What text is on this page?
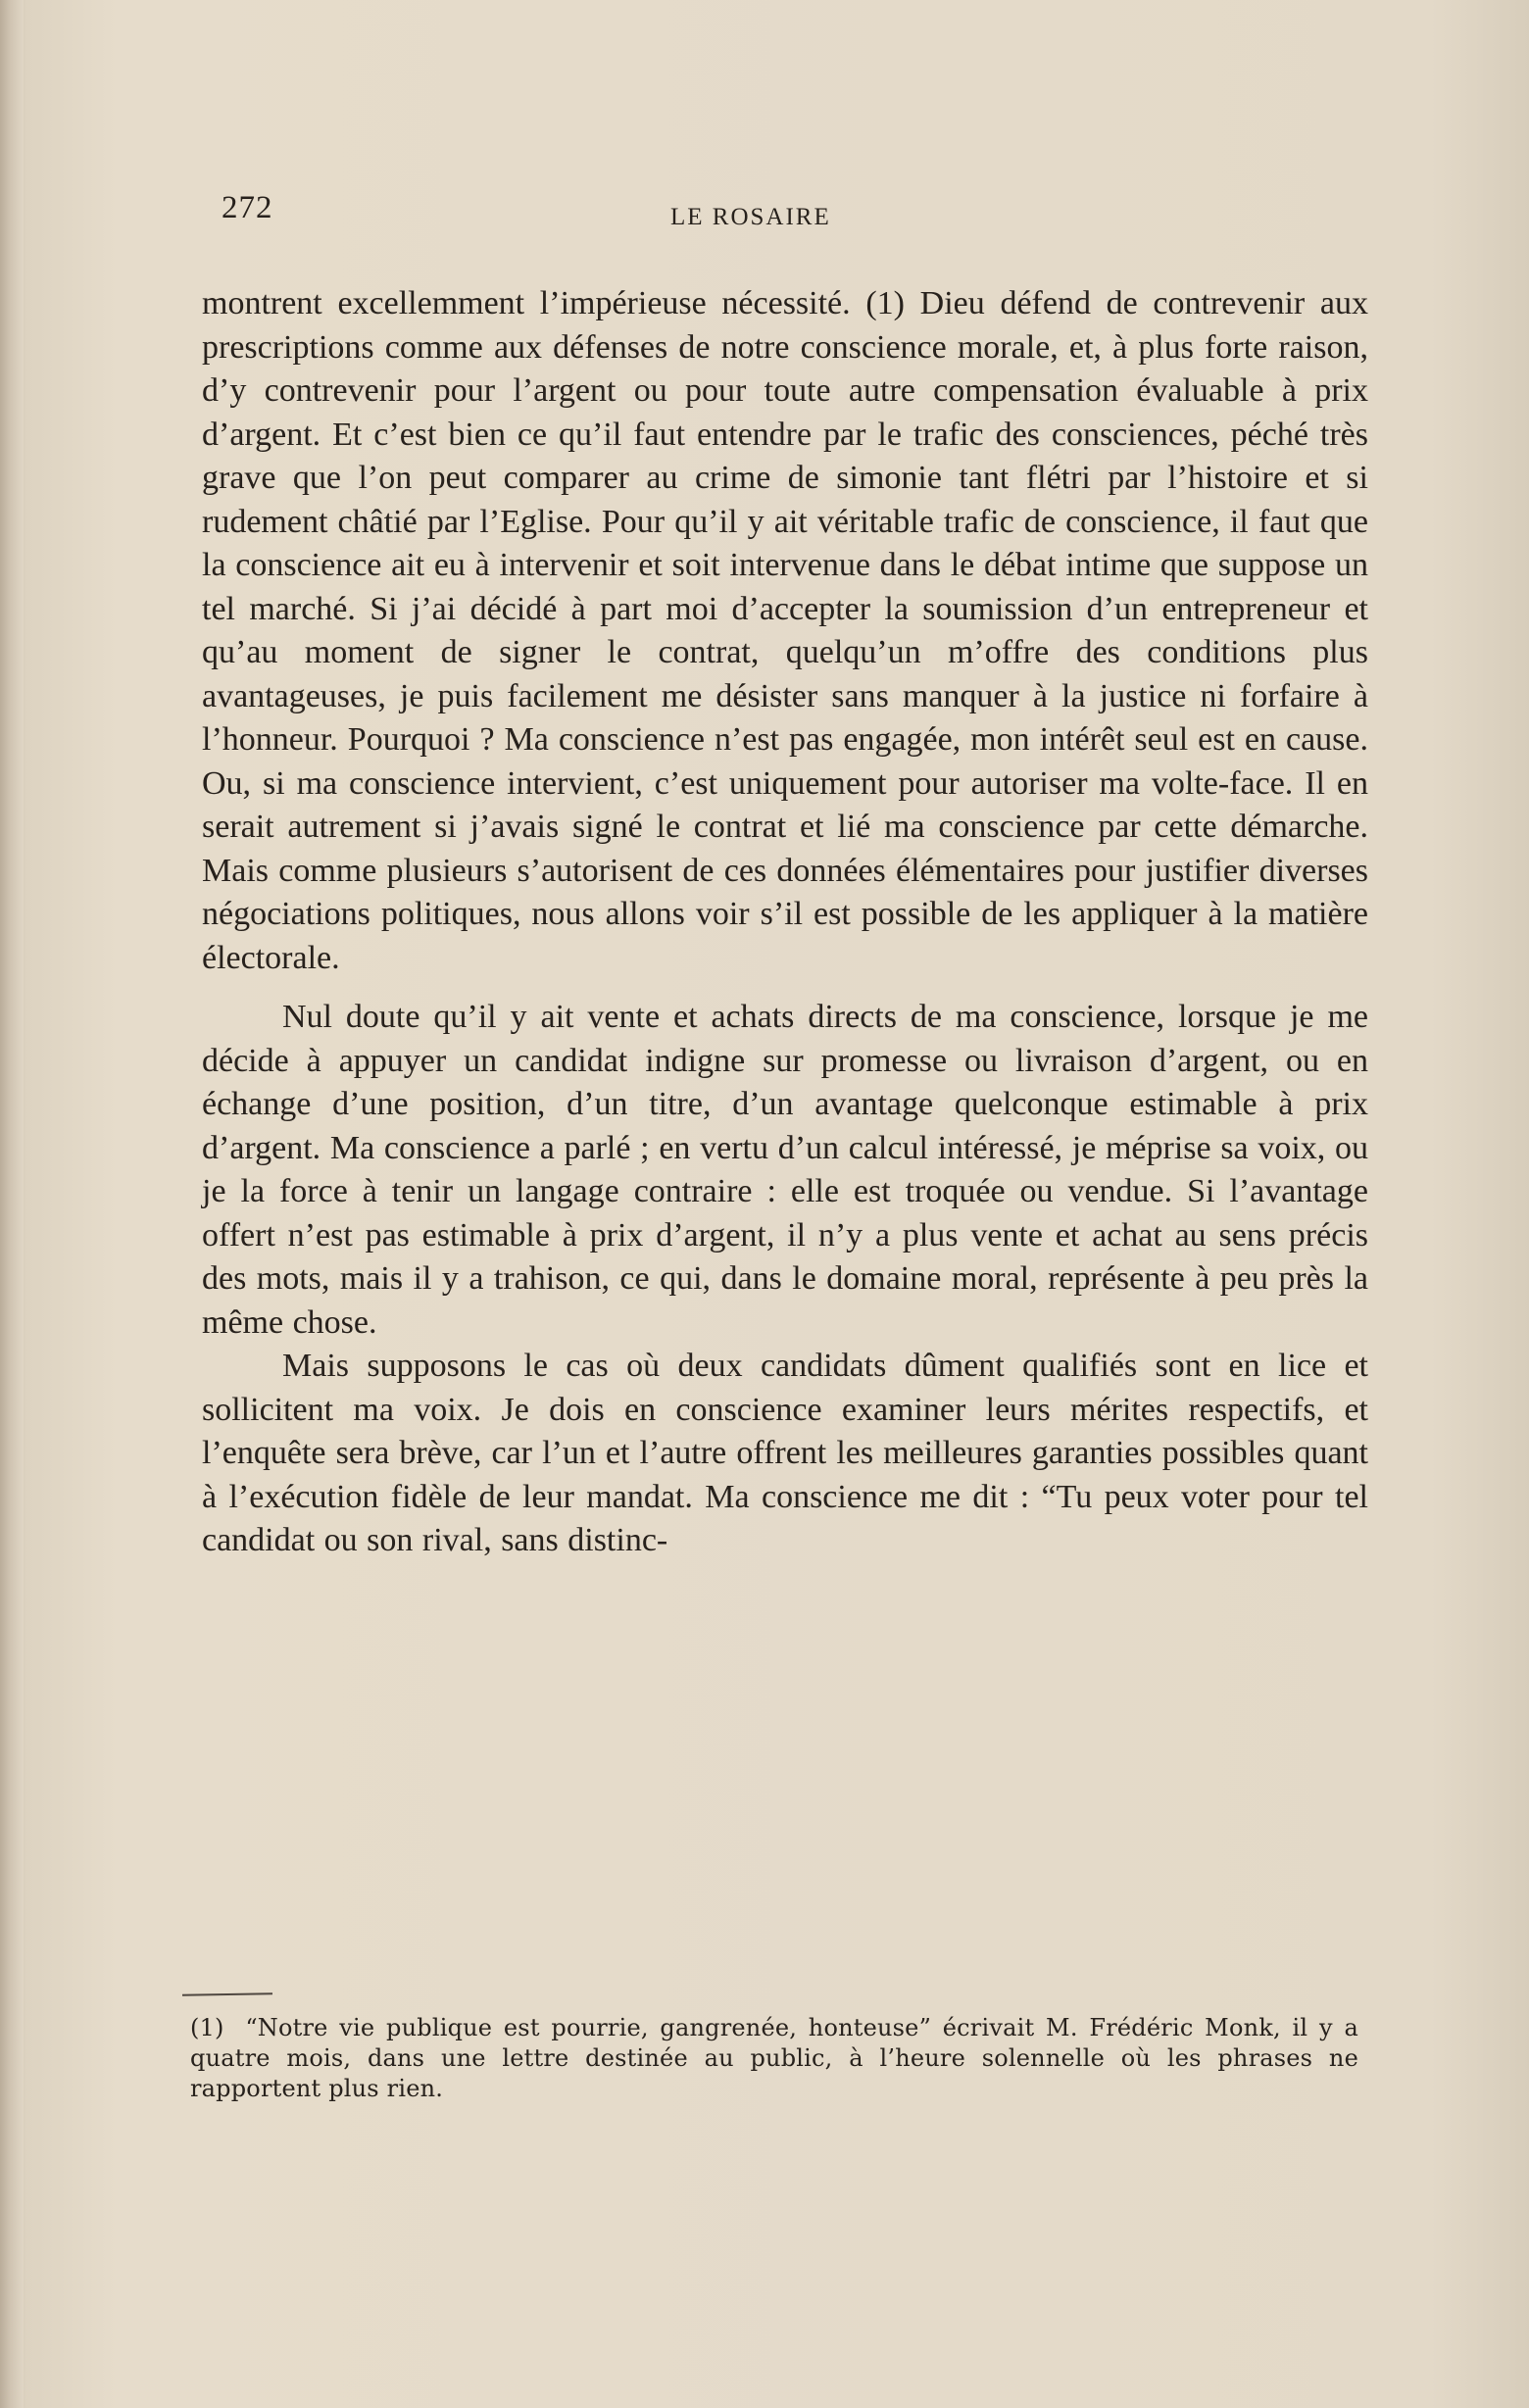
272	LE ROSAIRE

montrent excellemment l’impérieuse nécessité. (1) Dieu défend de contrevenir aux prescriptions comme aux défenses de notre conscience morale, et, à plus forte raison, d’y contrevenir pour l’argent ou pour toute autre compensation évaluable à prix d’argent. Et c’est bien ce qu’il faut entendre par le trafic des consciences, péché très grave que l’on peut comparer au crime de simonie tant flétri par l’histoire et si rudement châtié par l’Eglise. Pour qu’il y ait véritable trafic de conscience, il faut que la conscience ait eu à intervenir et soit intervenue dans le débat intime que suppose un tel marché. Si j’ai décidé à part moi d’accepter la soumission d’un entrepreneur et qu’au moment de signer le contrat, quelqu’un m’offre des conditions plus avantageuses, je puis facilement me désister sans manquer à la justice ni forfaire à l’honneur. Pourquoi ? Ma conscience n’est pas engagée, mon intérêt seul est en cause. Ou, si ma conscience intervient, c’est uniquement pour autoriser ma volte-face. Il en serait autrement si j’avais signé le contrat et lié ma conscience par cette démarche. Mais comme plusieurs s’autorisent de ces données élémentaires pour justifier diverses négociations politiques, nous allons voir s’il est possible de les appliquer à la matière électorale.

Nul doute qu’il y ait vente et achats directs de ma conscience, lorsque je me décide à appuyer un candidat indigne sur promesse ou livraison d’argent, ou en échange d’une position, d’un titre, d’un avantage quelconque estimable à prix d’argent. Ma conscience a parlé ; en vertu d’un calcul intéressé, je méprise sa voix, ou je la force à tenir un langage contraire : elle est troquée ou vendue. Si l’avantage offert n’est pas estimable à prix d’argent, il n’y a plus vente et achat au sens précis des mots, mais il y a trahison, ce qui, dans le domaine moral, représente à peu près la même chose.

Mais supposons le cas où deux candidats dûment qualifiés sont en lice et sollicitent ma voix. Je dois en conscience examiner leurs mérites respectifs, et l’enquête sera brève, car l’un et l’autre offrent les meilleures garanties possibles quant à l’exécution fidèle de leur mandat. Ma conscience me dit : “Tu peux voter pour tel candidat ou son rival, sans distinc-

(1) “Notre vie publique est pourrie, gangrenée, honteuse” écrivait M. Frédéric Monk, il y a quatre mois, dans une lettre destinée au public, à l’heure solennelle où les phrases ne rapportent plus rien.
